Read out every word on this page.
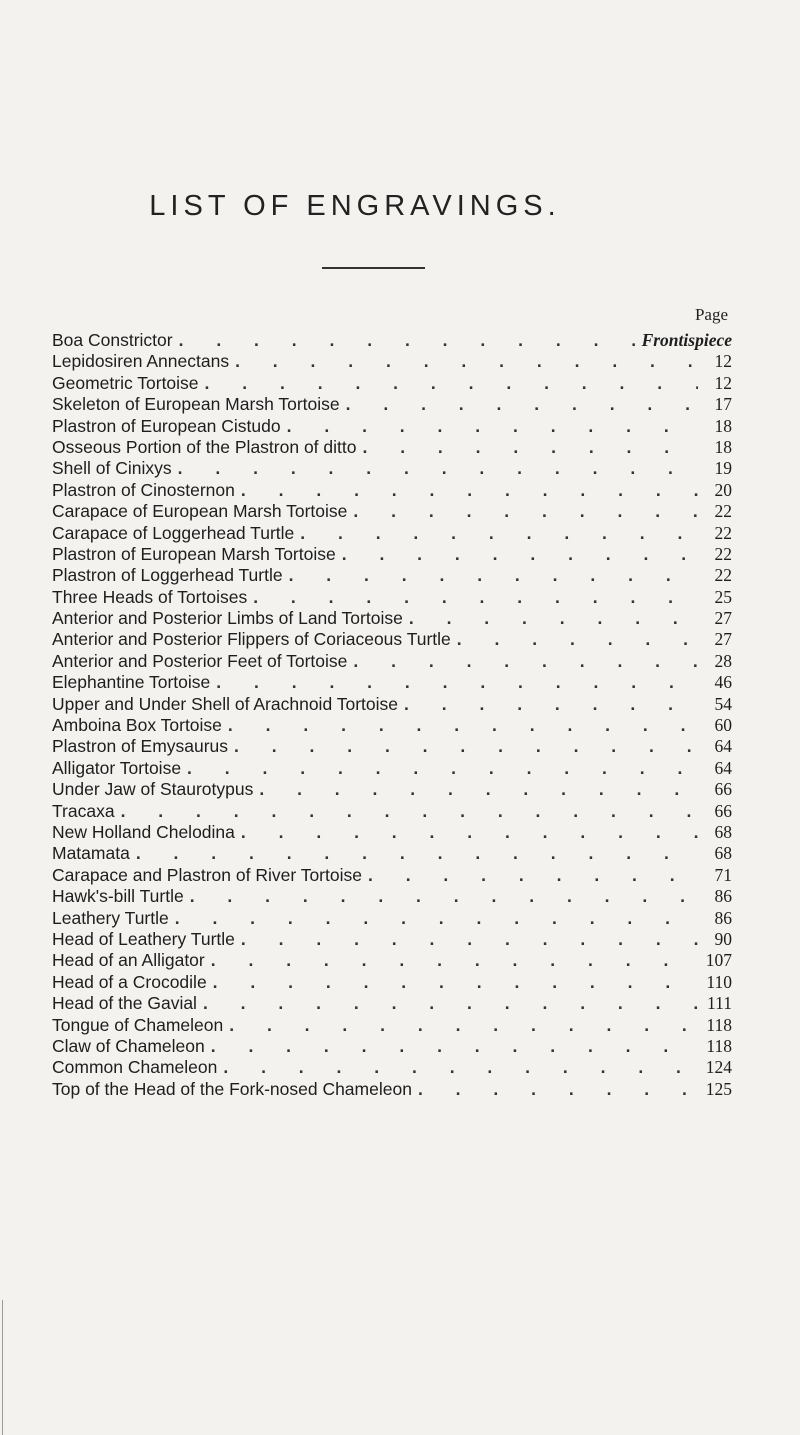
LIST OF ENGRAVINGS.
Page
Boa Constrictor . . .	Frontispiece
Lepidosiren Annectans . . .	12
Geometric Tortoise . . .	12
Skeleton of European Marsh Tortoise . . .	17
Plastron of European Cistudo . . .	18
Osseous Portion of the Plastron of ditto . . .	18
Shell of Cinixys . . .	19
Plastron of Cinosternon . . .	20
Carapace of European Marsh Tortoise . . .	22
Carapace of Loggerhead Turtle . . .	22
Plastron of European Marsh Tortoise . . .	22
Plastron of Loggerhead Turtle . . .	22
Three Heads of Tortoises . . .	25
Anterior and Posterior Limbs of Land Tortoise . . .	27
Anterior and Posterior Flippers of Coriaceous Turtle . . .	27
Anterior and Posterior Feet of Tortoise . . .	28
Elephantine Tortoise . . .	46
Upper and Under Shell of Arachnoid Tortoise . . .	54
Amboina Box Tortoise . . .	60
Plastron of Emysaurus . . .	64
Alligator Tortoise . . .	64
Under Jaw of Staurotypus . . .	66
Tracaxa . . .	66
New Holland Chelodina . . .	68
Matamata . . .	68
Carapace and Plastron of River Tortoise . . .	71
Hawk's-bill Turtle . . .	86
Leathery Turtle . . .	86
Head of Leathery Turtle . . .	90
Head of an Alligator . . .	107
Head of a Crocodile . . .	110
Head of the Gavial . . .	111
Tongue of Chameleon . . .	118
Claw of Chameleon . . .	118
Common Chameleon . . .	124
Top of the Head of the Fork-nosed Chameleon . . .	125
